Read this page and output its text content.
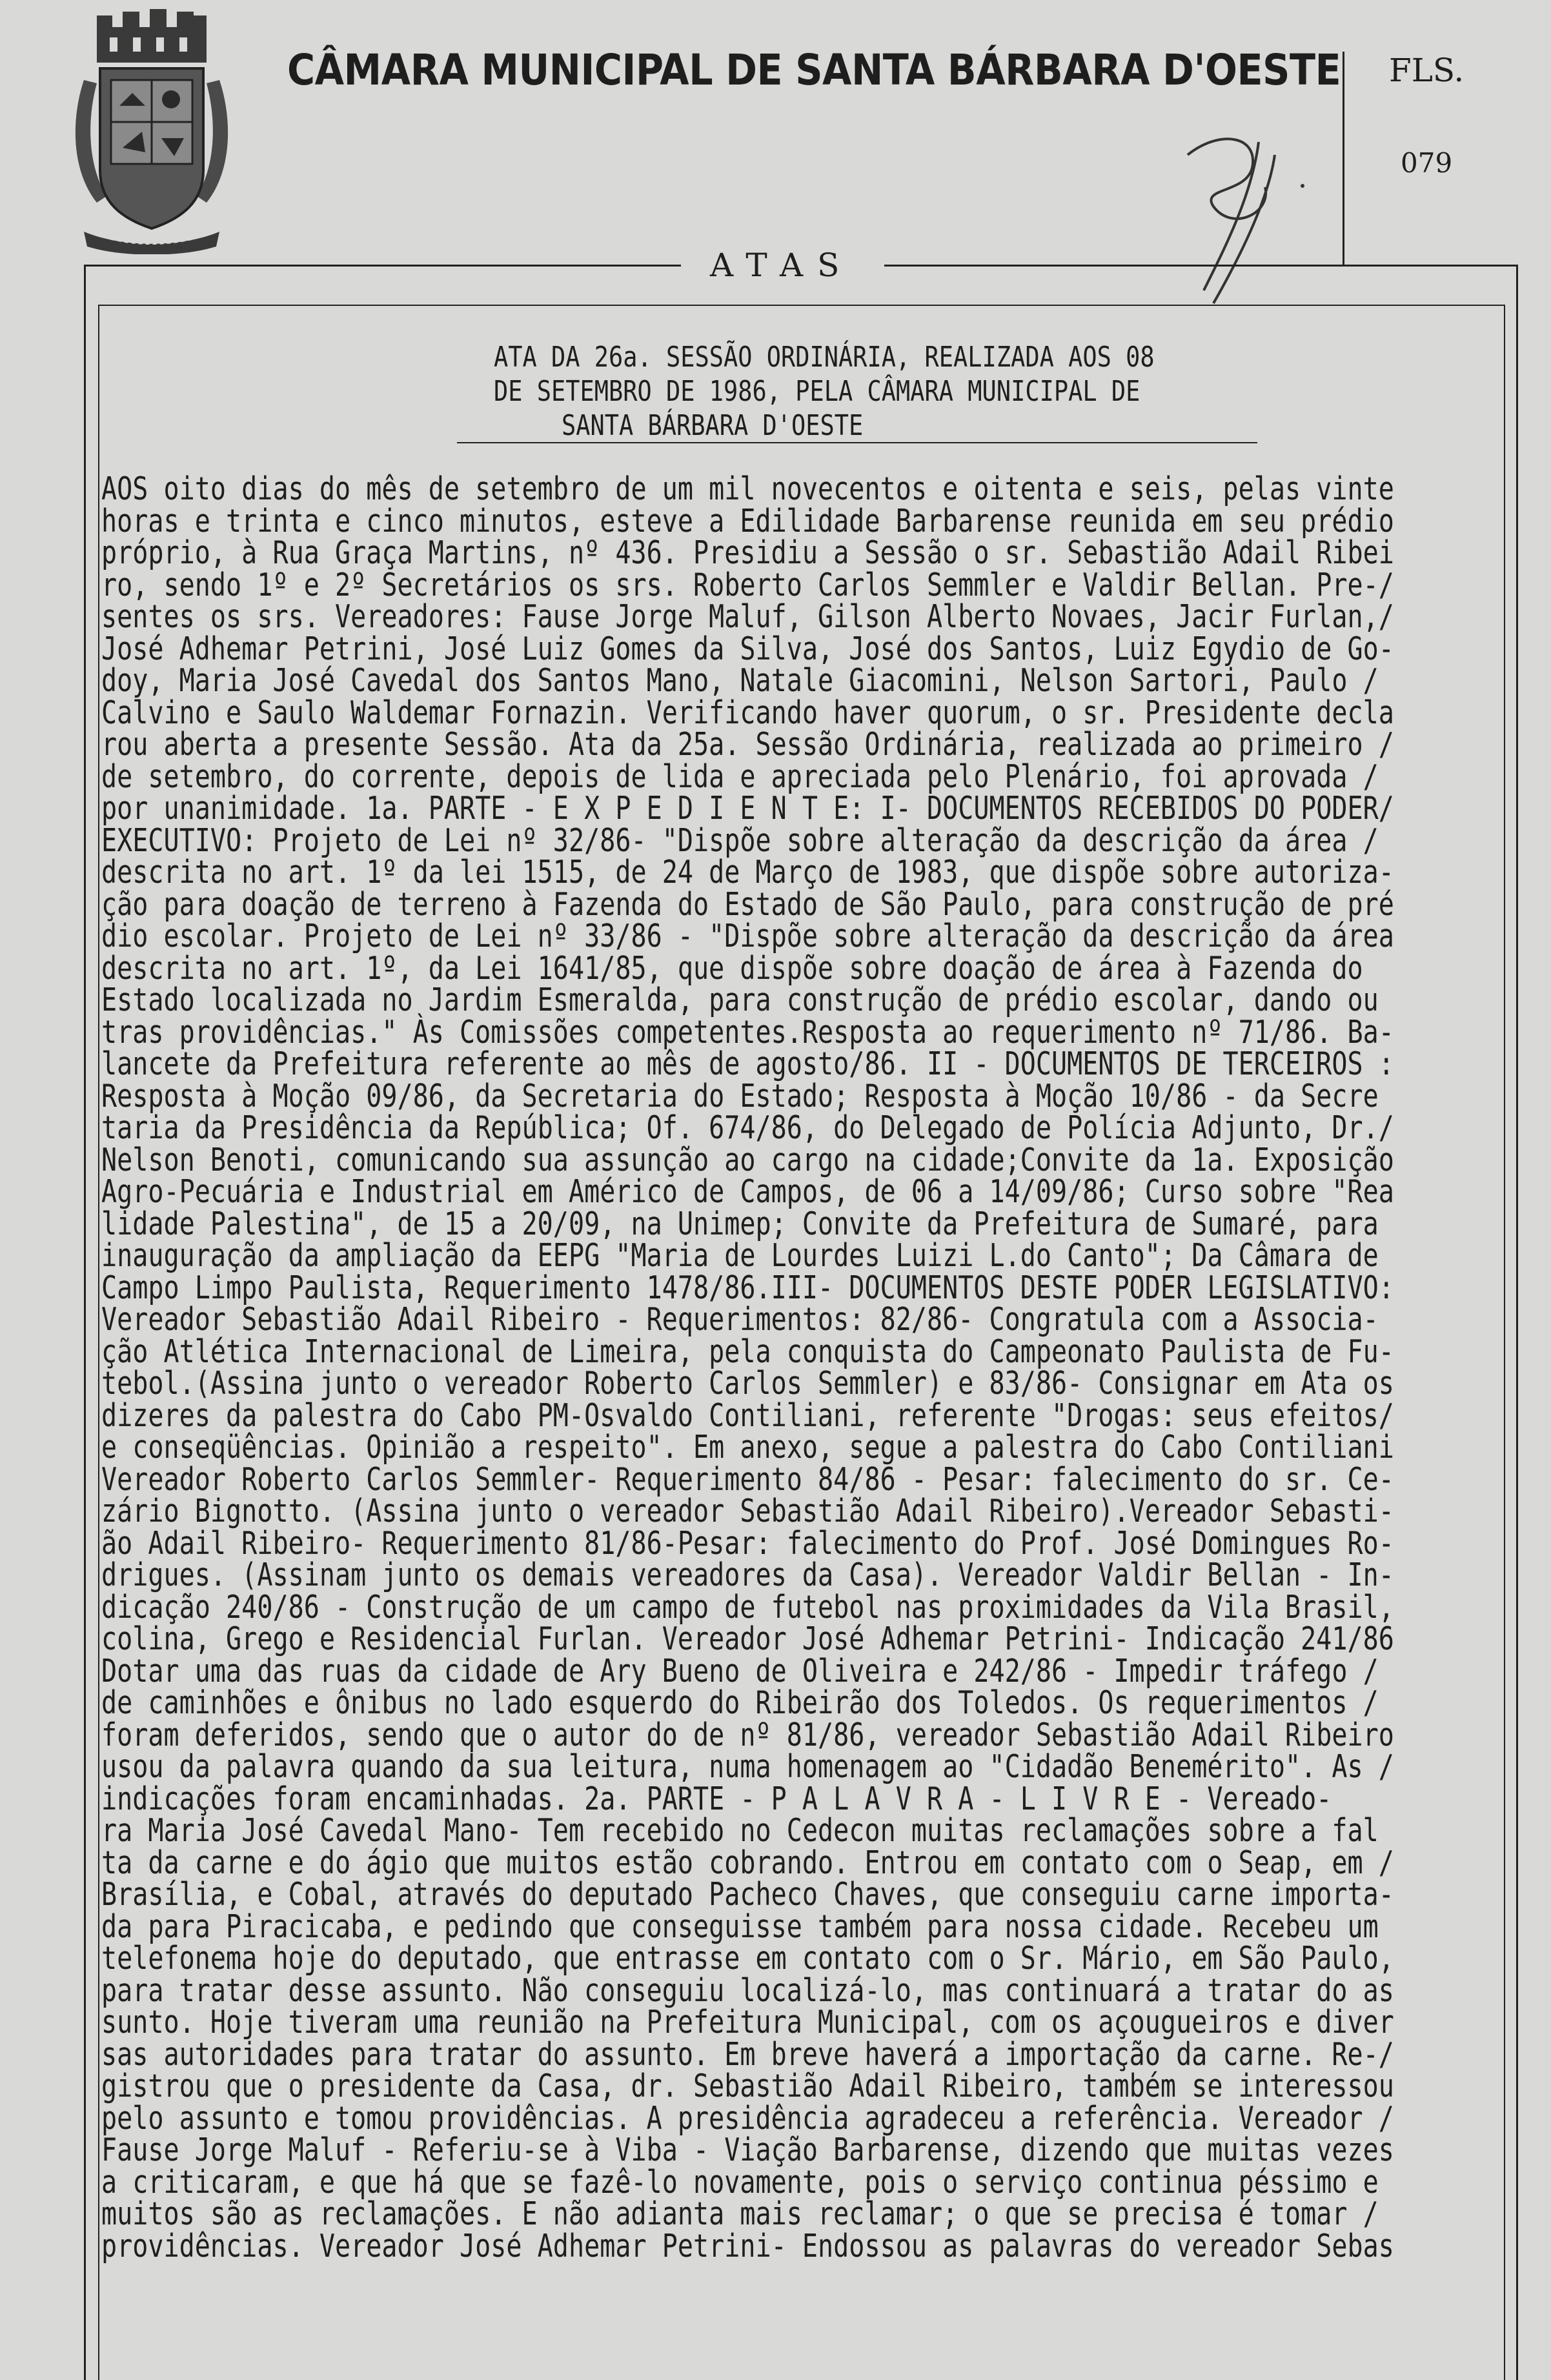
CÂMARA MUNICIPAL DE SANTA BÁRBARA D'OESTE FLS.
079
ATAS
ATA DA 26a. SESSÃO ORDINÁRIA, REALIZADA AOS 08
DE SETEMBRO DE 1986, PELA CÂMARA MUNICIPAL DE
SANTA BÁRBARA D'OESTE
AOS oito dias do mês de setembro de um mil novecentos e oitenta e seis, pelas vinte
horas e trinta e cinco minutos, esteve a Edilidade Barbarense reunida em seu prédio
próprio, à Rua Graça Martins, nº 436. Presidiu a Sessão o sr. Sebastião Adail Ribei
ro, sendo 1º e 2º Secretários os srs. Roberto Carlos Semmler e Valdir Bellan. Pre-/
sentes os srs. Vereadores: Fause Jorge Maluf, Gilson Alberto Novaes, Jacir Furlan,/
José Adhemar Petrini, José Luiz Gomes da Silva, José dos Santos, Luiz Egydio de Go-
doy, Maria José Cavedal dos Santos Mano, Natale Giacomini, Nelson Sartori, Paulo /
Calvino e Saulo Waldemar Fornazin. Verificando haver quorum, o sr. Presidente decla
rou aberta a presente Sessão. Ata da 25a. Sessão Ordinária, realizada ao primeiro /
de setembro, do corrente, depois de lida e apreciada pelo Plenário, foi aprovada /
por unanimidade. 1a. PARTE - E X P E D I E N T E: I- DOCUMENTOS RECEBIDOS DO PODER/
EXECUTIVO: Projeto de Lei nº 32/86- "Dispõe sobre alteração da descrição da área /
descrita no art. 1º da lei 1515, de 24 de Março de 1983, que dispõe sobre autoriza-
ção para doação de terreno à Fazenda do Estado de São Paulo, para construção de pré
dio escolar. Projeto de Lei nº 33/86 - "Dispõe sobre alteração da descrição da área
descrita no art. 1º, da Lei 1641/85, que dispõe sobre doação de área à Fazenda do
Estado localizada no Jardim Esmeralda, para construção de prédio escolar, dando ou
tras providências." Às Comissões competentes.Resposta ao requerimento nº 71/86. Ba-
lancete da Prefeitura referente ao mês de agosto/86. II - DOCUMENTOS DE TERCEIROS :
Resposta à Moção 09/86, da Secretaria do Estado; Resposta à Moção 10/86 - da Secre
taria da Presidência da República; Of. 674/86, do Delegado de Polícia Adjunto, Dr./
Nelson Benoti, comunicando sua assunção ao cargo na cidade;Convite da 1a. Exposição
Agro-Pecuária e Industrial em Américo de Campos, de 06 a 14/09/86; Curso sobre "Rea
lidade Palestina", de 15 a 20/09, na Unimep; Convite da Prefeitura de Sumaré, para
inauguração da ampliação da EEPG "Maria de Lourdes Luizi L.do Canto"; Da Câmara de
Campo Limpo Paulista, Requerimento 1478/86.III- DOCUMENTOS DESTE PODER LEGISLATIVO:
Vereador Sebastião Adail Ribeiro - Requerimentos: 82/86- Congratula com a Associa-
ção Atlética Internacional de Limeira, pela conquista do Campeonato Paulista de Fu-
tebol.(Assina junto o vereador Roberto Carlos Semmler) e 83/86- Consignar em Ata os
dizeres da palestra do Cabo PM-Osvaldo Contiliani, referente "Drogas: seus efeitos/
e conseqüências. Opinião a respeito". Em anexo, segue a palestra do Cabo Contiliani
Vereador Roberto Carlos Semmler- Requerimento 84/86 - Pesar: falecimento do sr. Ce-
zário Bignotto. (Assina junto o vereador Sebastião Adail Ribeiro).Vereador Sebasti-
ão Adail Ribeiro- Requerimento 81/86-Pesar: falecimento do Prof. José Domingues Ro-
drigues. (Assinam junto os demais vereadores da Casa). Vereador Valdir Bellan - In-
dicação 240/86 - Construção de um campo de futebol nas proximidades da Vila Brasil,
colina, Grego e Residencial Furlan. Vereador José Adhemar Petrini- Indicação 241/86
Dotar uma das ruas da cidade de Ary Bueno de Oliveira e 242/86 - Impedir tráfego /
de caminhões e ônibus no lado esquerdo do Ribeirão dos Toledos. Os requerimentos /
foram deferidos, sendo que o autor do de nº 81/86, vereador Sebastião Adail Ribeiro
usou da palavra quando da sua leitura, numa homenagem ao "Cidadão Benemérito". As /
indicações foram encaminhadas. 2a. PARTE - P A L A V R A - L I V R E - Vereado-
ra Maria José Cavedal Mano- Tem recebido no Cedecon muitas reclamações sobre a fal
ta da carne e do ágio que muitos estão cobrando. Entrou em contato com o Seap, em /
Brasília, e Cobal, através do deputado Pacheco Chaves, que conseguiu carne importa-
da para Piracicaba, e pedindo que conseguisse também para nossa cidade. Recebeu um
telefonema hoje do deputado, que entrasse em contato com o Sr. Mário, em São Paulo,
para tratar desse assunto. Não conseguiu localizá-lo, mas continuará a tratar do as
sunto. Hoje tiveram uma reunião na Prefeitura Municipal, com os açougueiros e diver
sas autoridades para tratar do assunto. Em breve haverá a importação da carne. Re-/
gistrou que o presidente da Casa, dr. Sebastião Adail Ribeiro, também se interessou
pelo assunto e tomou providências. A presidência agradeceu a referência. Vereador /
Fause Jorge Maluf - Referiu-se à Viba - Viação Barbarense, dizendo que muitas vezes
a criticaram, e que há que se fazê-lo novamente, pois o serviço continua péssimo e
muitos são as reclamações. E não adianta mais reclamar; o que se precisa é tomar /
providências. Vereador José Adhemar Petrini- Endossou as palavras do vereador Sebas
